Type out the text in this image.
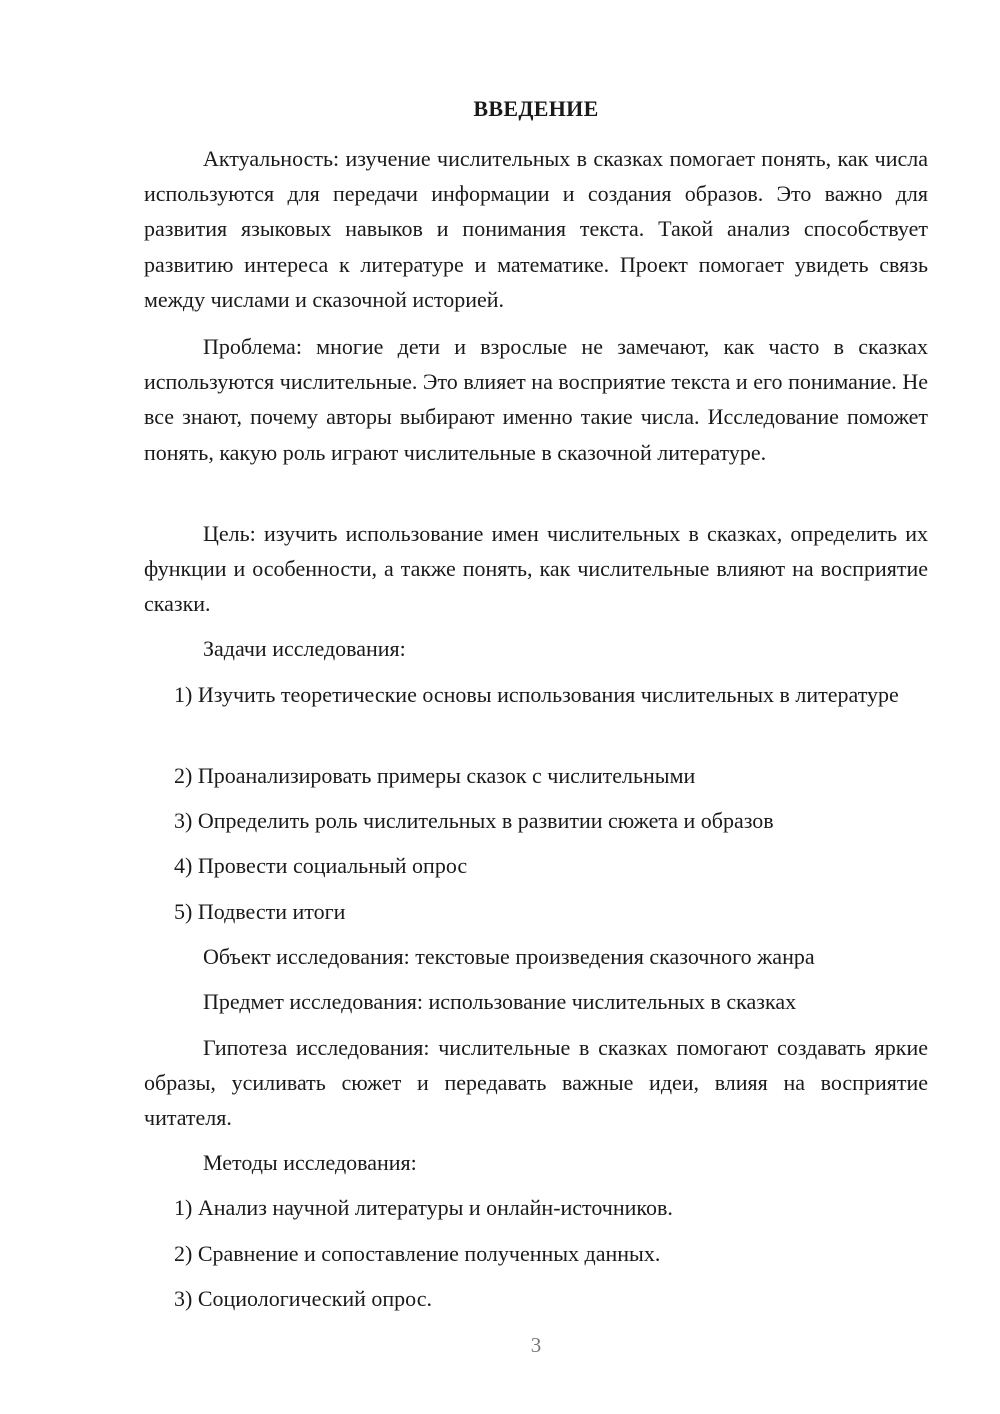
ВВЕДЕНИЕ

Актуальность: изучение числительных в сказках помогает понять, как числа используются для передачи информации и создания образов. Это важно для развития языковых навыков и понимания текста. Такой анализ способствует развитию интереса к литературе и математике. Проект помогает увидеть связь между числами и сказочной историей.

Проблема: многие дети и взрослые не замечают, как часто в сказках используются числительные. Это влияет на восприятие текста и его понимание. Не все знают, почему авторы выбирают именно такие числа. Исследование поможет понять, какую роль играют числительные в сказочной литературе.

Цель: изучить использование имен числительных в сказках, определить их функции и особенности, а также понять, как числительные влияют на восприятие сказки.

Задачи исследования:

1) Изучить теоретические основы использования числительных в литературе

2) Проанализировать примеры сказок с числительными

3) Определить роль числительных в развитии сюжета и образов

4) Провести социальный опрос

5) Подвести итоги

Объект исследования: текстовые произведения сказочного жанра

Предмет исследования: использование числительных в сказках

Гипотеза исследования: числительные в сказках помогают создавать яркие образы, усиливать сюжет и передавать важные идеи, влияя на восприятие читателя.

Методы исследования:

1) Анализ научной литературы и онлайн-источников.

2) Сравнение и сопоставление полученных данных.

3) Социологический опрос.

3
